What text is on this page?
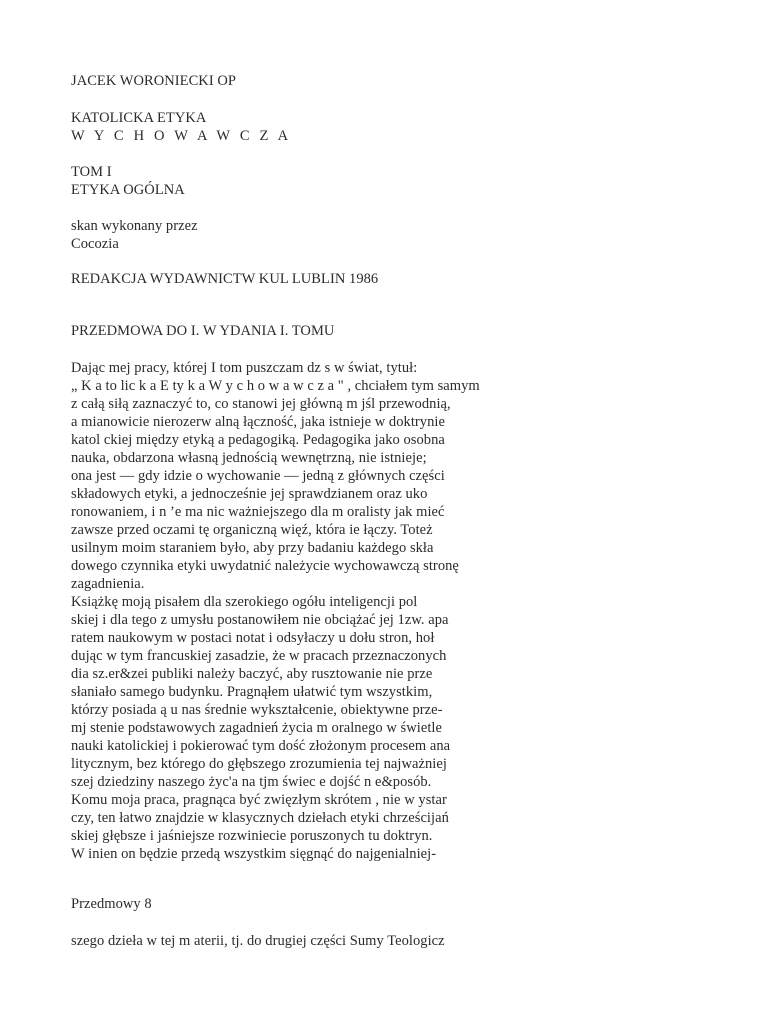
JACEK WORONIECKI OP

KATOLICKA ETYKA

W Y C H O W A W C Z A

TOM I

ETYKA OGÓLNA

skan wykonany przez

Cocozia

REDAKCJA WYDAWNICTW KUL LUBLIN 1986

PRZEDMOWA DO I. W YDANIA I. TOMU

Dając mej pracy, której I tom puszczam dz s w świat, tytuł:

„ K a to lic k a E ty k a W y c h o w a w c z a " , chciałem tym samym

z całą siłą zaznaczyć to, co stanowi jej główną m jśl przewodnią,

a mianowicie nierozerw alną łączność, jaka istnieje w doktrynie

katol ckiej między etyką a pedagogiką. Pedagogika jako osobna

nauka, obdarzona własną jednością wewnętrzną, nie istnieje;

ona jest — gdy idzie o wychowanie — jedną z głównych części

składowych etyki, a jednocześnie jej sprawdzianem oraz uko

ronowaniem, i n ’e ma nic ważniejszego dla m oralisty jak mieć

zawsze przed oczami tę organiczną więź, która ie łączy. Toteż

usilnym moim staraniem było, aby przy badaniu każdego skła

dowego czynnika etyki uwydatnić należycie wychowawczą stronę

zagadnienia.

Książkę moją pisałem dla szerokiego ogółu inteligencji pol

skiej i dla tego z umysłu postanowiłem nie obciążać jej 1zw. apa

ratem naukowym w postaci notat i odsyłaczy u dołu stron, hoł

dując w tym francuskiej zasadzie, że w pracach przeznaczonych

dia sz.er&zei publiki należy baczyć, aby rusztowanie nie prze

słaniało samego budynku. Pragnąłem ułatwić tym wszystkim,

którzy posiada ą u nas średnie wykształcenie, obiektywne prze-

mj stenie podstawowych zagadnień życia m oralnego w świetle

nauki katolickiej i pokierować tym dość złożonym procesem ana

litycznym, bez którego do głębszego zrozumienia tej najważniej

szej dziedziny naszego życ'a na tjm świec e dojść n e&posób.

Komu moja praca, pragnąca być zwięzłym skrótem , nie w ystar

czy, ten łatwo znajdzie w klasycznych dziełach etyki chrześcijań

skiej głębsze i jaśniejsze rozwiniecie poruszonych tu doktryn.

W inien on będzie przedą wszystkim sięgnąć do najgenialniej-

Przedmowy 8

szego dzieła w tej m aterii, tj. do drugiej części Sumy Teologicz
